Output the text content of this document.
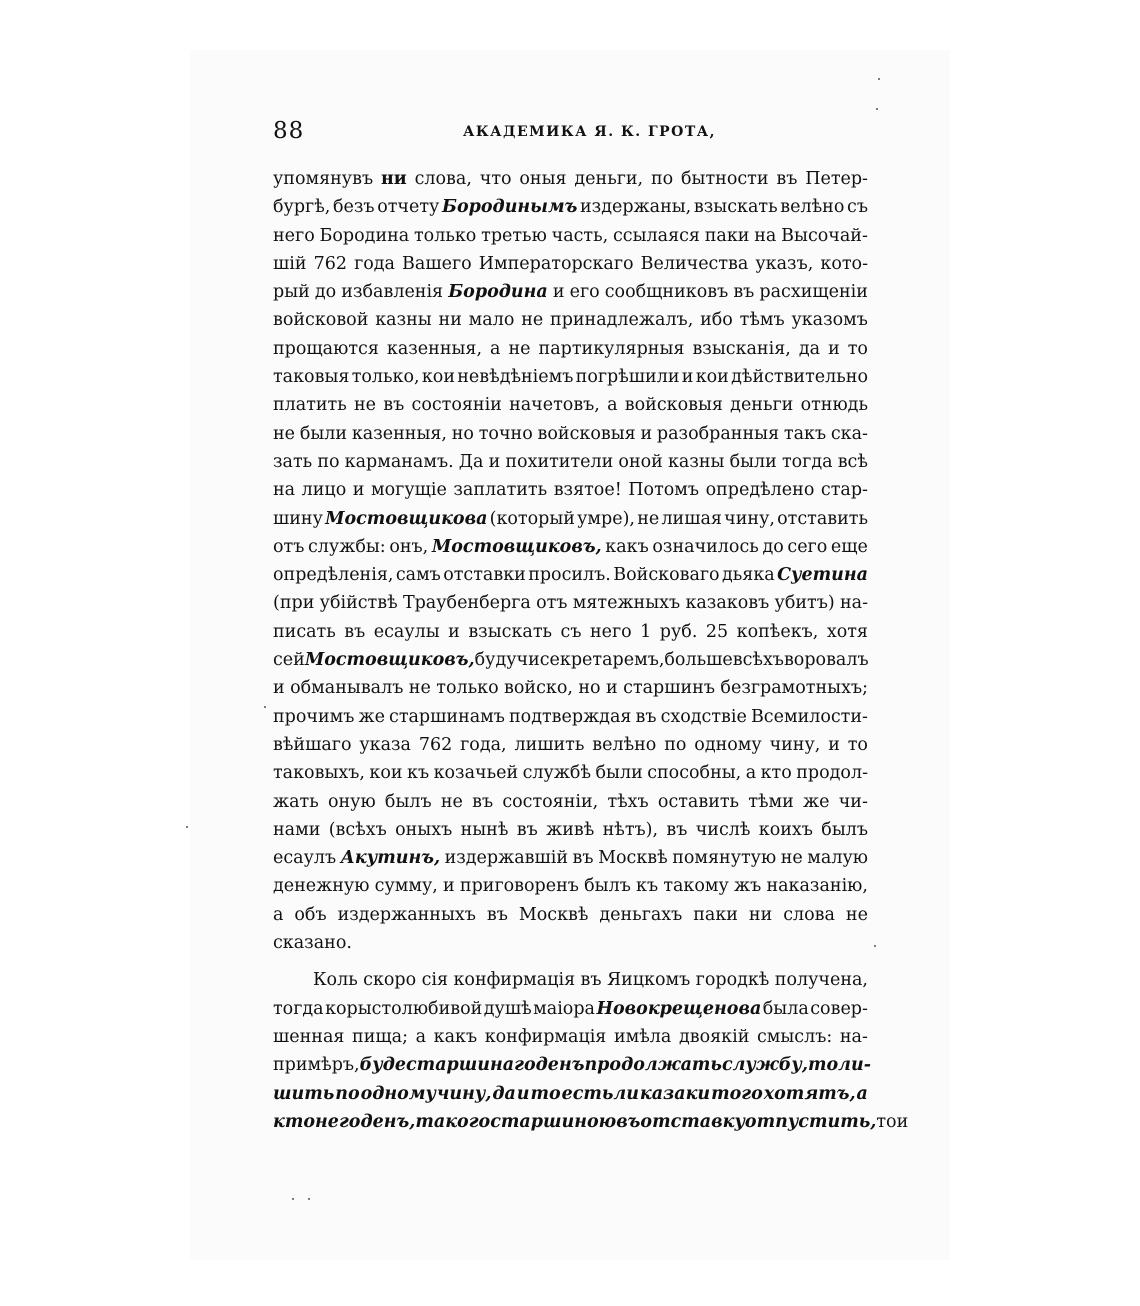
88	АКАДЕМИКА Я. К. ГРОТА,
упомянувъ ни слова, что оныя деньги, по бытности въ Петер-
бургѣ, безъ отчету Бородинымъ издержаны, взыскать велѣно съ
него Бородина только третью часть, ссылаяся паки на Высочай-
шій 762 года Вашего Императорскаго Величества указъ, кото-
рый до избавленія Бородина и его сообщниковъ въ расхищеніи
войсковой казны ни мало не принадлежалъ, ибо тѣмъ указомъ
прощаются казенныя, а не партикулярныя взысканія, да и то
таковыя только, кои невѣдѣніемъ погрѣшили и кои дѣйствительно
платить не въ состояніи начетовъ, а войсковыя деньги отнюдь
не были казенныя, но точно войсковыя и разобранныя такъ ска-
зать по карманамъ. Да и похитители оной казны были тогда всѣ
на лицо и могущіе заплатить взятое! Потомъ опредѣлено стар-
шину Мостовщикова (который умре), не лишая чину, отставить
отъ службы: онъ, Мостовщиковъ, какъ означилось до сего еще
опредѣленія, самъ отставки просилъ. Войсковаго дьяка Суетина
(при убійствѣ Траубенберга отъ мятежныхъ казаковъ убитъ) на-
писать въ есаулы и взыскать съ него 1 руб. 25 копѣекъ, хотя
сей Мостовщиковъ, будучи секретаремъ, больше всѣхъ воровалъ
и обманывалъ не только войско, но и старшинъ безграмотныхъ;
прочимъ же старшинамъ подтверждая въ сходствіе Всемилости-
вѣйшаго указа 762 года, лишить велѣно по одному чину, и то
таковыхъ, кои къ козачьей службѣ были способны, а кто продол-
жать оную былъ не въ состояніи, тѣхъ оставить тѣми же чи-
нами (всѣхъ оныхъ нынѣ въ живѣ нѣтъ), въ числѣ коихъ былъ
есаулъ Акутинъ, издержавшій въ Москвѣ помянутую не малую
денежную сумму, и приговоренъ былъ къ такому жъ наказанію,
а объ издержанныхъ въ Москвѣ деньгахъ паки ни слова не
сказано.
Коль скоро сія конфирмація въ Яицкомъ городкѣ получена,
тогда корыстолюбивой душѣ маіора Новокрещенова была совер-
шенная пища; а какъ конфирмація имѣла двоякій смыслъ: на-
примѣръ, буде старшина годенъ продолжать службу, то ли-
шить по одному чину, да и то естьли казаки того хотятъ, а
кто негоденъ, такого старшиною въ отставку отпустить, то и
